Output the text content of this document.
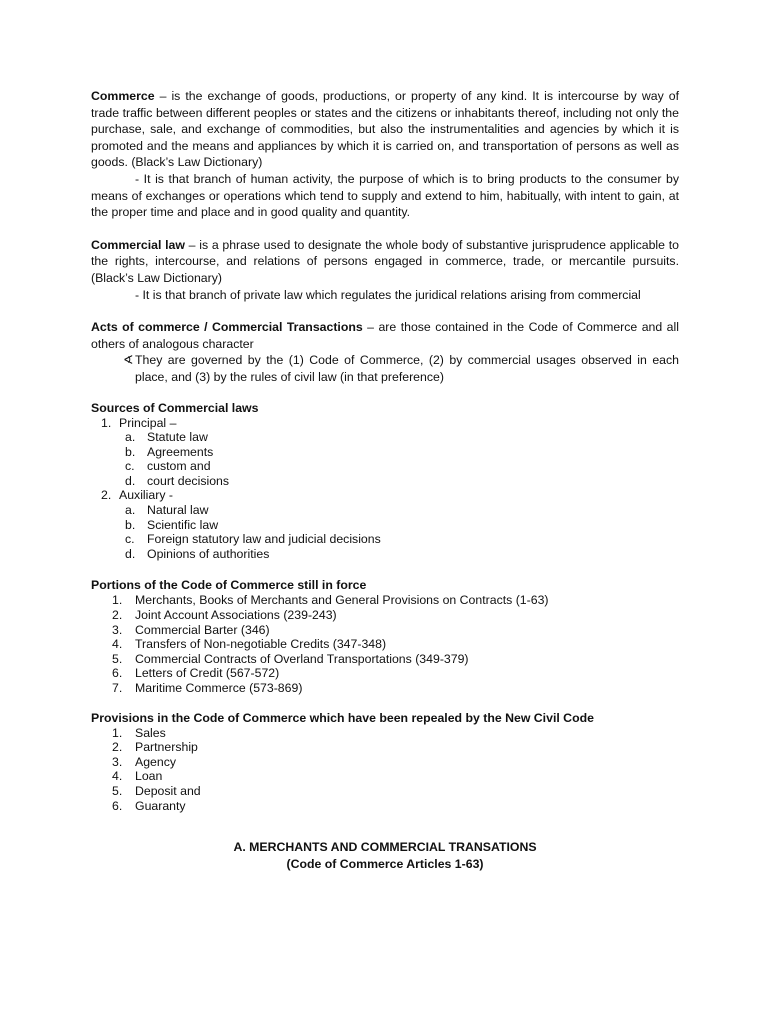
Commerce – is the exchange of goods, productions, or property of any kind. It is intercourse by way of trade traffic between different peoples or states and the citizens or inhabitants thereof, including not only the purchase, sale, and exchange of commodities, but also the instrumentalities and agencies by which it is promoted and the means and appliances by which it is carried on, and transportation of persons as well as goods. (Black’s Law Dictionary)

- It is that branch of human activity, the purpose of which is to bring products to the consumer by means of exchanges or operations which tend to supply and extend to him, habitually, with intent to gain, at the proper time and place and in good quality and quantity.

Commercial law – is a phrase used to designate the whole body of substantive jurisprudence applicable to the rights, intercourse, and relations of persons engaged in commerce, trade, or mercantile pursuits. (Black’s Law Dictionary)

- It is that branch of private law which regulates the juridical relations arising from commercial

Acts of commerce / Commercial Transactions – are those contained in the Code of Commerce and all others of analogous character

∢ They are governed by the (1) Code of Commerce, (2) by commercial usages observed in each place, and (3) by the rules of civil law (in that preference)

Sources of Commercial laws

1. Principal –
a. Statute law
b. Agreements
c. custom and
d. court decisions
2. Auxiliary -
a. Natural law
b. Scientific law
c. Foreign statutory law and judicial decisions
d. Opinions of authorities

Portions of the Code of Commerce still in force

1. Merchants, Books of Merchants and General Provisions on Contracts (1-63)
2. Joint Account Associations (239-243)
3. Commercial Barter (346)
4. Transfers of Non-negotiable Credits (347-348)
5. Commercial Contracts of Overland Transportations (349-379)
6. Letters of Credit (567-572)
7. Maritime Commerce (573-869)

Provisions in the Code of Commerce which have been repealed by the New Civil Code

1. Sales
2. Partnership
3. Agency
4. Loan
5. Deposit and
6. Guaranty

A. MERCHANTS AND COMMERCIAL TRANSATIONS

(Code of Commerce Articles 1-63)
